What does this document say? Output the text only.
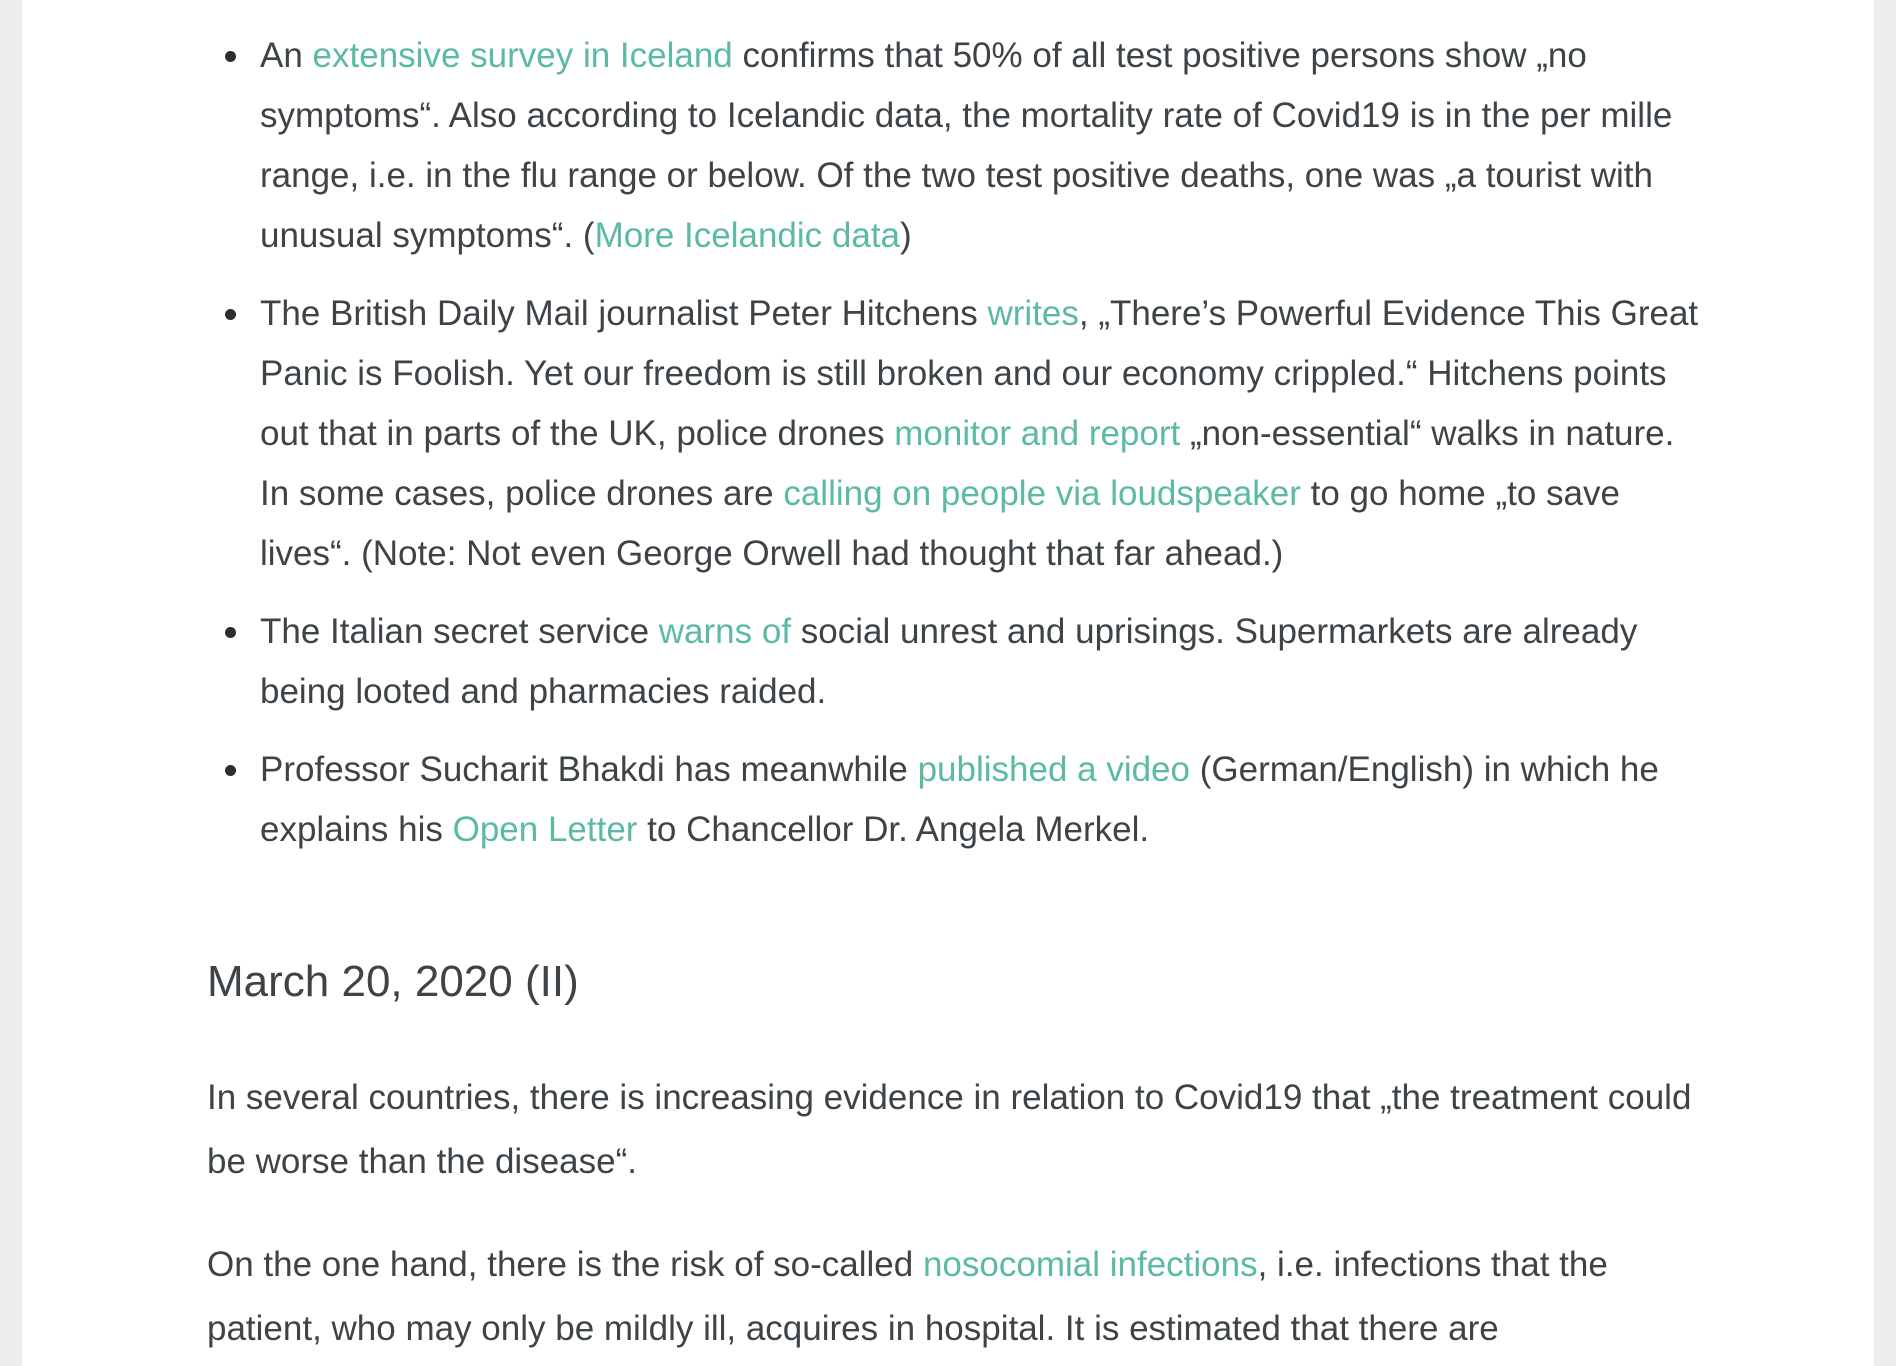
An extensive survey in Iceland confirms that 50% of all test positive persons show „no symptoms“. Also according to Icelandic data, the mortality rate of Covid19 is in the per mille range, i.e. in the flu range or below. Of the two test positive deaths, one was „a tourist with unusual symptoms“. (More Icelandic data)
The British Daily Mail journalist Peter Hitchens writes, „There’s Powerful Evidence This Great Panic is Foolish. Yet our freedom is still broken and our economy crippled.“ Hitchens points out that in parts of the UK, police drones monitor and report „non-essential“ walks in nature. In some cases, police drones are calling on people via loudspeaker to go home „to save lives“. (Note: Not even George Orwell had thought that far ahead.)
The Italian secret service warns of social unrest and uprisings. Supermarkets are already being looted and pharmacies raided.
Professor Sucharit Bhakdi has meanwhile published a video (German/English) in which he explains his Open Letter to Chancellor Dr. Angela Merkel.
March 20, 2020 (II)

In several countries, there is increasing evidence in relation to Covid19 that „the treatment could be worse than the disease“.

On the one hand, there is the risk of so-called nosocomial infections, i.e. infections that the patient, who may only be mildly ill, acquires in hospital. It is estimated that there are
